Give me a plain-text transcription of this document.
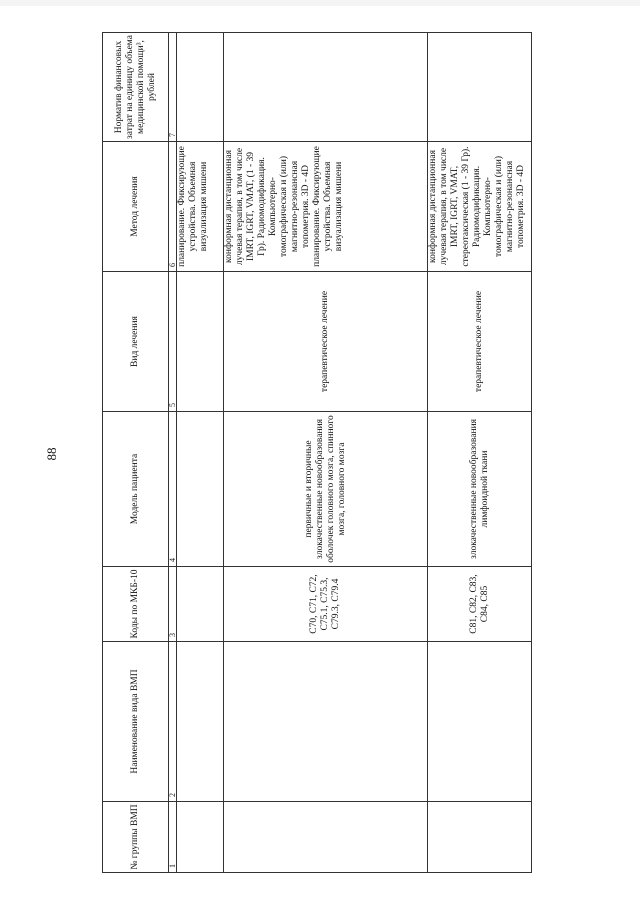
88
№ группы ВМП	Наименование вида ВМП	Коды по МКБ-10	Модель пациента	Вид лечения	Метод лечения	Норматив финансовых затрат на единицу объема медицинской помощи³, рублей
1	2	3	4	5	6	7
					планирование. Фиксирующие устройства. Объемная визуализация мишени	
		C70, C71, C72, C75.1, C75.3, C79.3, C79.4	первичные и вторичные злокачественные новообразования оболочек головного мозга, спинного мозга, головного мозга	терапевтическое лечение	конформная дистанционная лучевая терапия, в том числе IMRT, IGRT, VMAT, (1 - 39 Гр). Радиомодификация. Компьютерно-томографическая и (или) магнитно-резонансная топометрия. 3D - 4D планирование. Фиксирующие устройства. Объемная визуализация мишени	
		C81, C82, C83, C84, C85	злокачественные новообразования лимфоидной ткани	терапевтическое лечение	конформная дистанционная лучевая терапия, в том числе IMRT, IGRT, VMAT, стереотаксическая (1 - 39 Гр). Радиомодификация. Компьютерно-томографическая и (или) магнитно-резонансная топометрия. 3D - 4D	
